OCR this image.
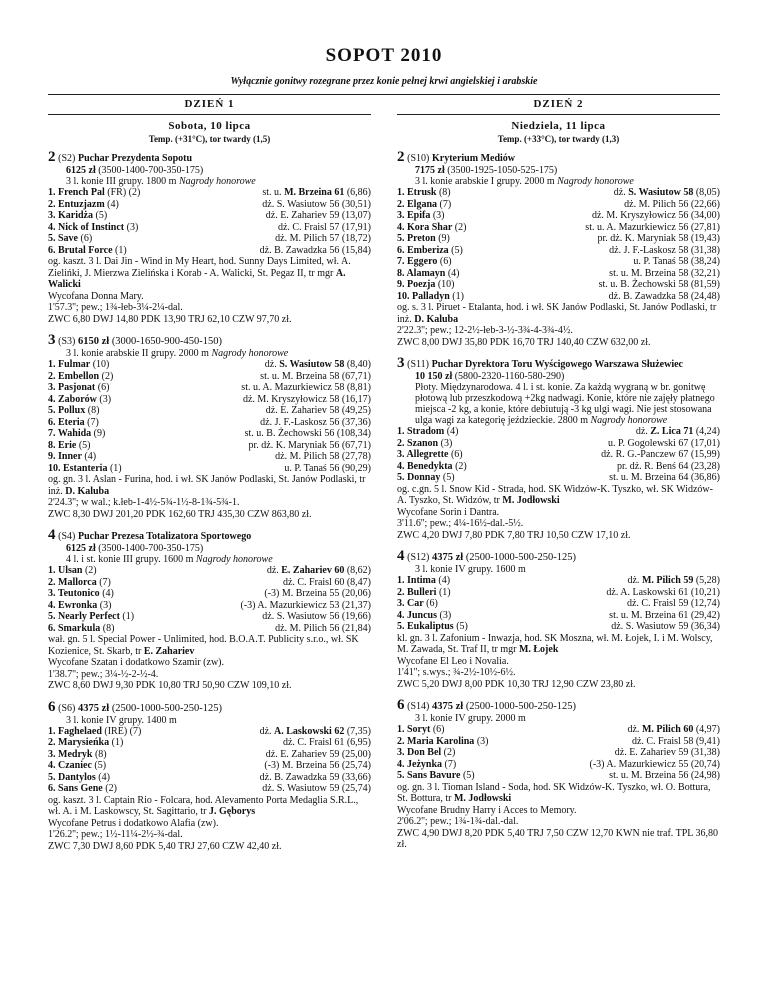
SOPOT 2010
Wyłącznie gonitwy rozegrane przez konie pełnej krwi angielskiej i arabskie
DZIEŃ 1
Sobota, 10 lipca
Temp. (+31°C), tor twardy (1,5)
2 (S2) Puchar Prezydenta Sopotu
6125 zł (3500-1400-700-350-175)
3 l. konie III grupy. 1800 m Nagrody honorowe
1. French Pal (FR) (2)	st. u. M. Brzeina 61 (6,86)
2. Entuzjazm (4)	dż. S. Wasiutow 56 (30,51)
3. Karidża (5)	dż. E. Zahariev 59 (13,07)
4. Nick of Instinct (3)	dż. C. Fraisl 57 (17,91)
5. Save (6)	dż. M. Pilich 57 (18,72)
6. Brutal Force (1)	dż. B. Zawadzka 56 (15,84)
og. kaszt. 3 l. Dai Jin - Wind in My Heart, hod. Sunny Days Limited, wł. A. Zielińki, J. Mierzwa Zielińska i Korab - A. Walicki, St. Pegaz II, tr mgr A. Walicki
Wycofana Donna Mary.
1'57.3''; pew.; 1¾-łeb-3¼-2¼-dal.
ZWC 6,80 DWJ 14,80 PDK 13,90 TRJ 62,10 CZW 97,70 zł.
3 (S3) 6150 zł (3000-1650-900-450-150)
3 l. konie arabskie II grupy. 2000 m Nagrody honorowe
1. Fulmar (10)	dż. S. Wasiutow 58 (8,40)
2. Embellon (2)	st. u. M. Brzeina 58 (67,71)
3. Pasjonat (6)	st. u. A. Mazurkiewicz 58 (8,81)
4. Zaborów (3)	dż. M. Kryszyłowicz 58 (16,17)
5. Pollux (8)	dż. E. Zahariev 58 (49,25)
6. Eteria (7)	dż. J. F.-Laskosz 56 (37,36)
7. Wahida (9)	st. u. B. Żechowski 56 (108,34)
8. Erie (5)	pr. dż. K. Maryniak 56 (67,71)
9. Inner (4)	dż. M. Pilich 58 (27,78)
10. Estanteria (1)	u. P. Tanaś 56 (90,29)
og. gn. 3 l. Aslan - Furina, hod. i wł. SK Janów Podlaski, St. Janów Podlaski, tr inż. D. Kaluba
2'24.3''; w wal.; k.łeb-1-4½-5¾-1½-8-1¾-5¾-1.
ZWC 8,30 DWJ 201,20 PDK 162,60 TRJ 435,30 CZW 863,80 zł.
4 (S4) Puchar Prezesa Totalizatora Sportowego
6125 zł (3500-1400-700-350-175)
4 l. i st. konie III grupy. 1600 m Nagrody honorowe
1. Ulsan (2)	dż. E. Zahariev 60 (8,62)
2. Mallorca (7)	dż. C. Fraisl 60 (8,47)
3. Teutonico (4)	(-3) M. Brzeina 55 (20,06)
4. Ewronka (3)	(-3) A. Mazurkiewicz 53 (21,37)
5. Nearly Perfect (1)	dż. S. Wasiutow 56 (19,66)
6. Smarkula (8)	dż. M. Pilich 56 (21,84)
wał. gn. 5 l. Special Power - Unlimited, hod. B.O.A.T. Publicity s.r.o., wł. SK Kozienice, St. Skarb, tr E. Zahariev
Wycofane Szatan i dodatkowo Szamir (zw).
1'38.7''; pew.; 3¼-½-2-½-4.
ZWC 8,60 DWJ 9,30 PDK 10,80 TRJ 50,90 CZW 109,10 zł.
6 (S6) 4375 zł (2500-1000-500-250-125)
3 l. konie IV grupy. 1400 m
1. Faghelaed (IRE) (7)	dż. A. Laskowski 62 (7,35)
2. Marysieńka (1)	dż. C. Fraisl 61 (6,95)
3. Medryk (8)	dż. E. Zahariev 59 (25,00)
4. Czaniec (5)	(-3) M. Brzeina 56 (25,74)
5. Dantylos (4)	dż. B. Zawadzka 59 (33,66)
6. Sans Gene (2)	dż. S. Wasiutow 59 (25,74)
og. kaszt. 3 l. Captain Rio - Folcara, hod. Alevamento Porta Medaglia S.R.L., wł. A. i M. Laskowscy, St. Sagittario, tr J. Gęborys
Wycofane Petrus i dodatkowo Alafia (zw).
1'26.2''; pew.; 1½-11¼-2½-¾-dal.
ZWC 7,30 DWJ 8,60 PDK 5,40 TRJ 27,60 CZW 42,40 zł.
DZIEŃ 2
Niedziela, 11 lipca
Temp. (+33°C), tor twardy (1,3)
2 (S10) Kryterium Mediów
7175 zł (3500-1925-1050-525-175)
3 l. konie arabskie I grupy. 2000 m Nagrody honorowe
1. Etrusk (8)	dż. S. Wasiutow 58 (8,05)
2. Elgana (7)	dż. M. Pilich 56 (22,66)
3. Epifa (3)	dż. M. Kryszyłowicz 56 (34,00)
4. Kora Shar (2)	st. u. A. Mazurkiewicz 56 (27,81)
5. Preton (9)	pr. dż. K. Maryniak 58 (19,43)
6. Emberiza (5)	dż. J. F.-Laskosz 58 (31,38)
7. Eggero (6)	u. P. Tanaś 58 (38,24)
8. Alamayn (4)	st. u. M. Brzeina 58 (32,21)
9. Poezja (10)	st. u. B. Żechowski 58 (81,59)
10. Palladyn (1)	dż. B. Zawadzka 58 (24,48)
og. s. 3 l. Piruet - Etalanta, hod. i wł. SK Janów Podlaski, St. Janów Podlaski, tr inż. D. Kaluba
2'22.3''; pew.; 12-2½-łeb-3-½-3¾-4-3¾-4½.
ZWC 8,00 DWJ 35,80 PDK 16,70 TRJ 140,40 CZW 632,00 zł.
3 (S11) Puchar Dyrektora Toru Wyścigowego Warszawa Służewiec
10 150 zł (5800-2320-1160-580-290)
Płoty. Międzynarodowa. 4 l. i st. konie. Za każdą wygraną w br. gonitwę płotową lub przeszkodową +2kg nadwagi. Konie, które nie zajęły płatnego miejsca -2 kg, a konie, które debiutują -3 kg ulgi wagi. Nie jest stosowana ulga wagi za kategorię jeździeckie. 2800 m Nagrody honorowe
1. Stradom (4)	dż. Z. Lica 71 (4,24)
2. Szanon (3)	u. P. Gogolewski 67 (17,01)
3. Allegrette (6)	dż. R. G.-Panczew 67 (15,99)
4. Benedykta (2)	pr. dż. R. Benś 64 (23,28)
5. Donnay (5)	st. u. M. Brzeina 64 (36,86)
og. c.gn. 5 l. Snow Kid - Strada, hod. SK Widzów-K. Tyszko, wł. SK Widzów-A. Tyszko, St. Widzów, tr M. Jodłowski
Wycofane Sorin i Dantra.
3'11.6''; pew.; 4¼-16½-dal.-5½.
ZWC 4,20 DWJ 7,80 PDK 7,80 TRJ 10,50 CZW 17,10 zł.
4 (S12) 4375 zł (2500-1000-500-250-125)
3 l. konie IV grupy. 1600 m
1. Intima (4)	dż. M. Pilich 59 (5,28)
2. Bulleri (1)	dż. A. Laskowski 61 (10,21)
3. Car (6)	dż. C. Fraisl 59 (12,74)
4. Juncus (3)	st. u. M. Brzeina 61 (29,42)
5. Eukaliptus (5)	dż. S. Wasiutow 59 (36,34)
kl. gn. 3 l. Zafonium - Inwazja, hod. SK Moszna, wł. M. Łojek, I. i M. Wolscy, M. Zawada, St. Traf II, tr mgr M. Łojek
Wycofane El Leo i Novalia.
1'41''; s.wys.; ¾-2½-10½-6½.
ZWC 5,20 DWJ 8,00 PDK 10,30 TRJ 12,90 CZW 23,80 zł.
6 (S14) 4375 zł (2500-1000-500-250-125)
3 l. konie IV grupy. 2000 m
1. Soryt (6)	dż. M. Pilich 60 (4,97)
2. Maria Karolina (3)	dż. C. Fraisl 58 (9,41)
3. Don Bel (2)	dż. E. Zahariev 59 (31,38)
4. Jeżynka (7)	(-3) A. Mazurkiewicz 55 (20,74)
5. Sans Bavure (5)	st. u. M. Brzeina 56 (24,98)
og. gn. 3 l. Tioman Island - Soda, hod. SK Widzów-K. Tyszko, wł. O. Bottura, St. Bottura, tr M. Jodłowski
Wycofane Brudny Harry i Acces to Memory.
2'06.2''; pew.; 1¾-1¾-dal.-dal.
ZWC 4,90 DWJ 8,20 PDK 5,40 TRJ 7,50 CZW 12,70 KWN nie traf. TPL 36,80 zł.
